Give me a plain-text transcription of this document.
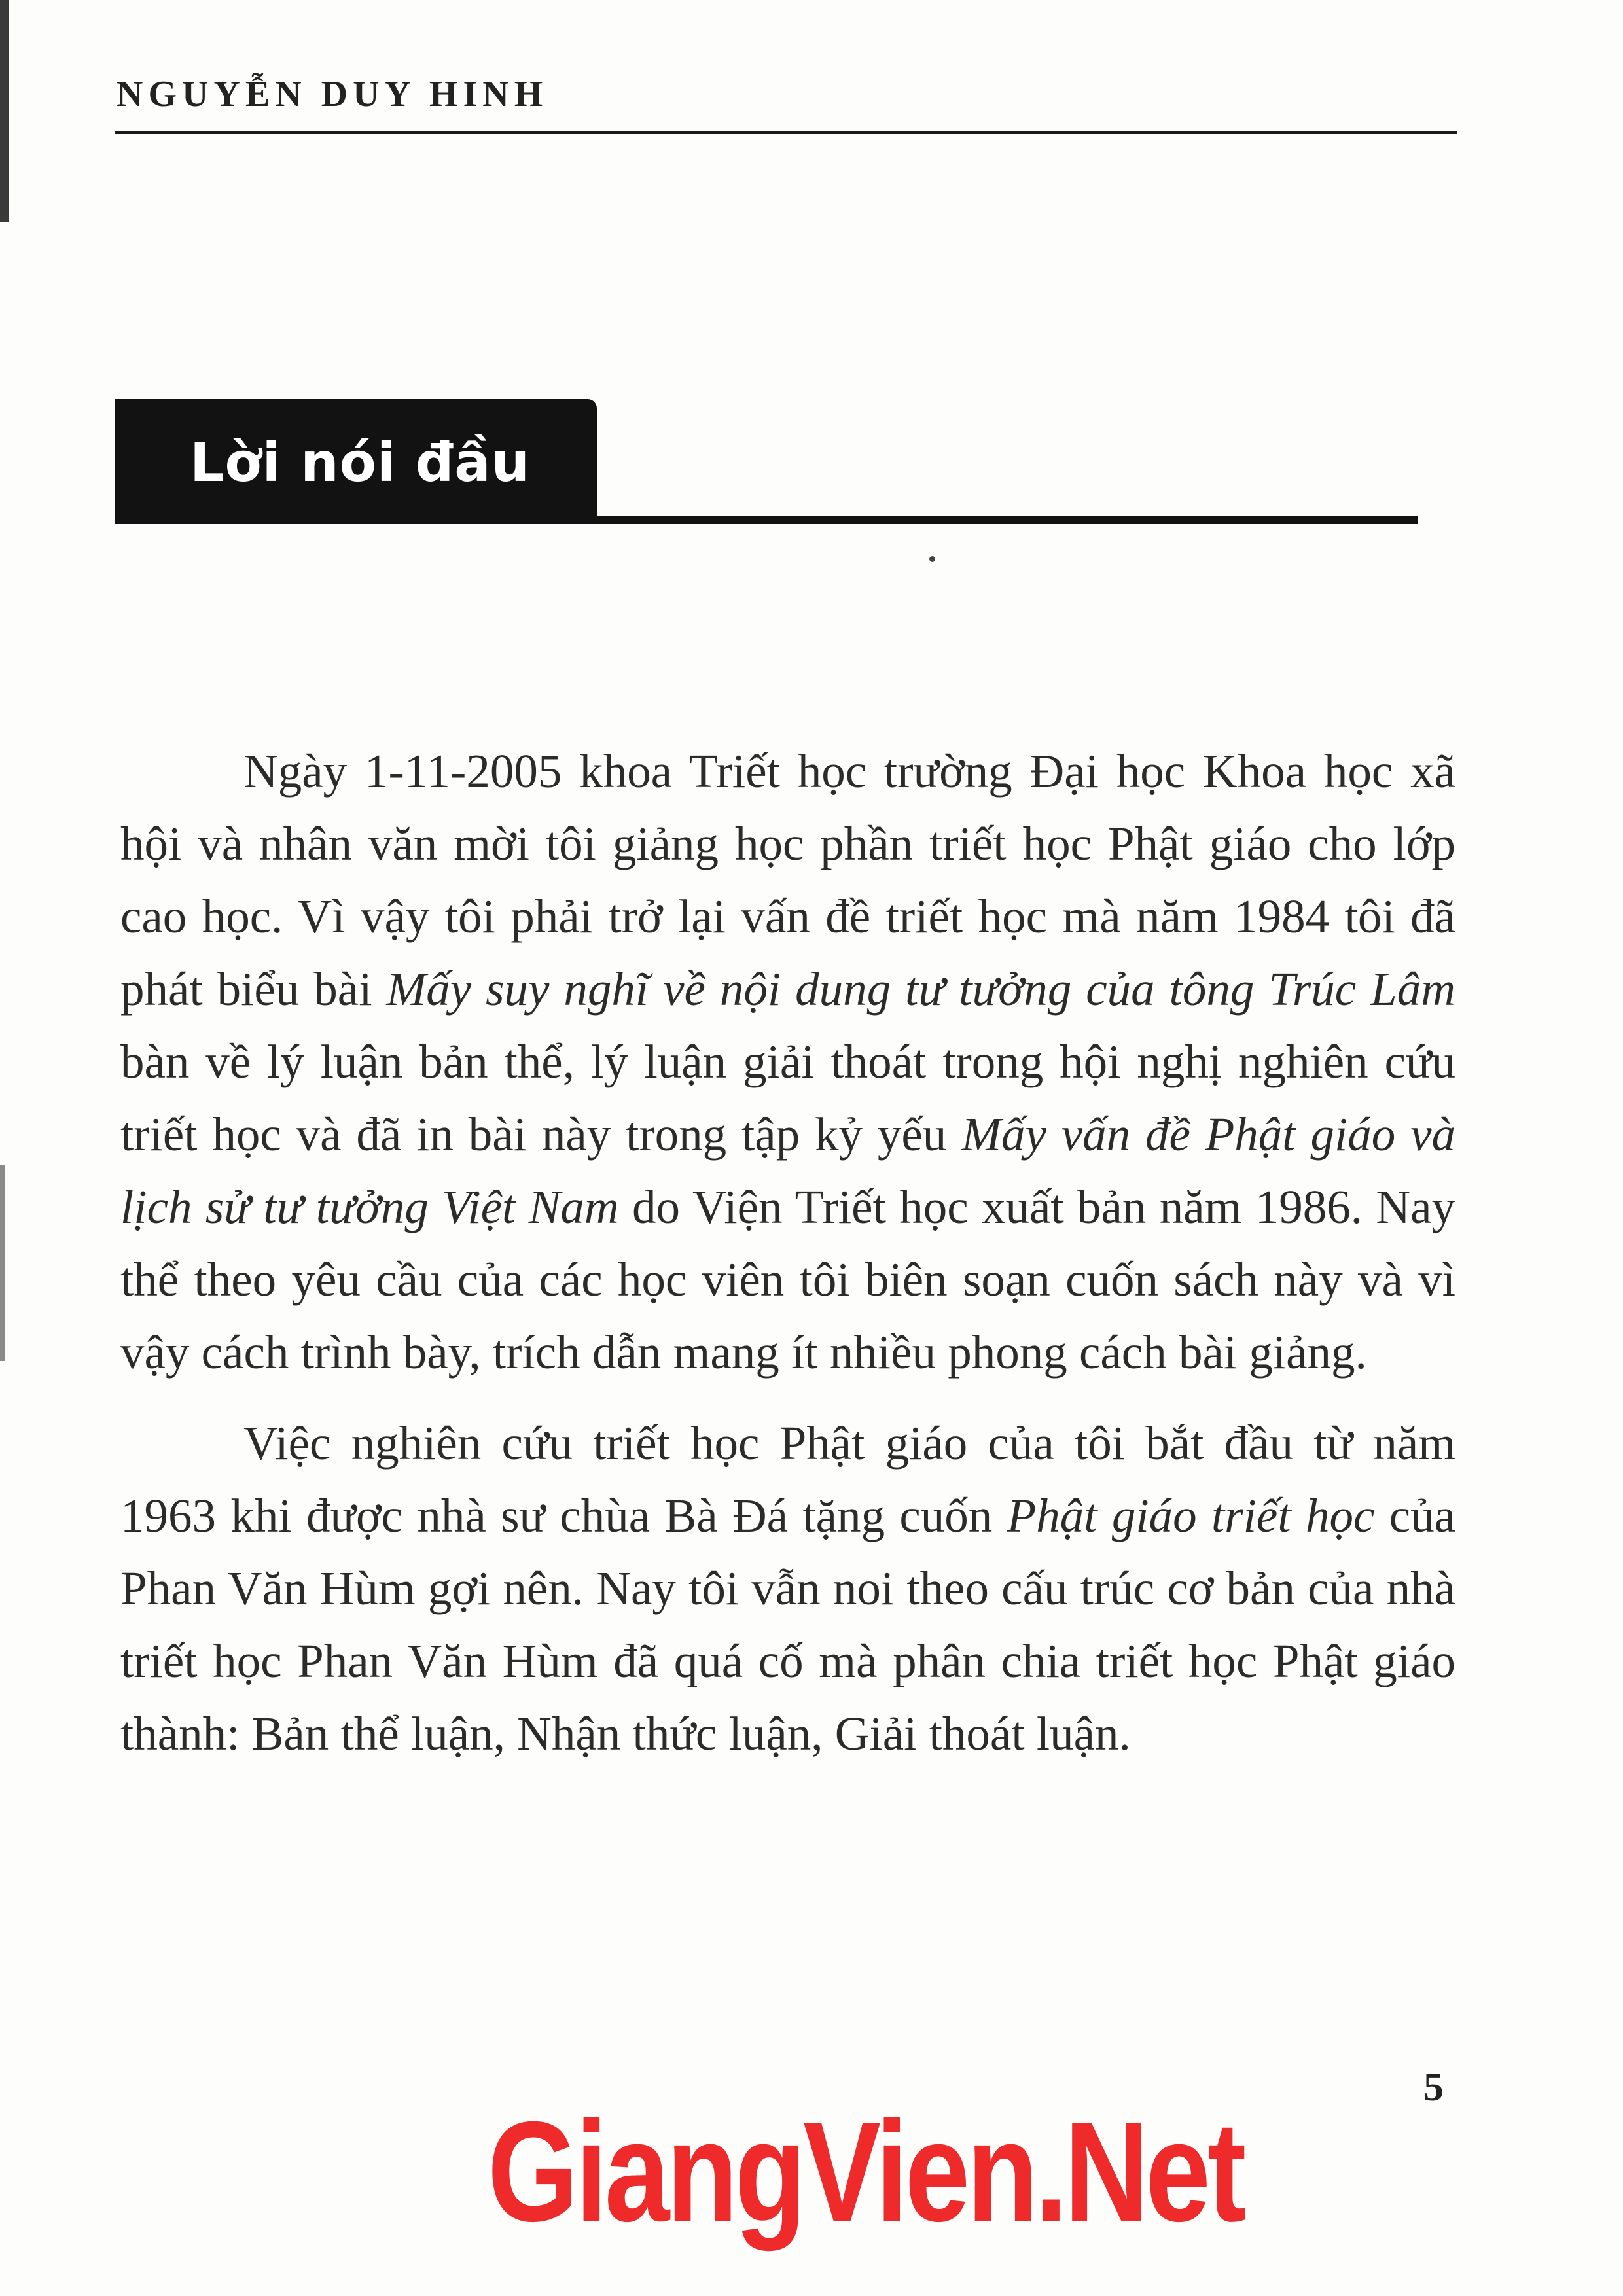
NGUYỄN DUY HINH
Lời nói đầu

Ngày 1-11-2005 khoa Triết học trường Đại học Khoa học xã hội và nhân văn mời tôi giảng học phần triết học Phật giáo cho lớp cao học. Vì vậy tôi phải trở lại vấn đề triết học mà năm 1984 tôi đã phát biểu bài Mấy suy nghĩ về nội dung tư tưởng của tông Trúc Lâm bàn về lý luận bản thể, lý luận giải thoát trong hội nghị nghiên cứu triết học và đã in bài này trong tập kỷ yếu Mấy vấn đề Phật giáo và lịch sử tư tưởng Việt Nam do Viện Triết học xuất bản năm 1986. Nay thể theo yêu cầu của các học viên tôi biên soạn cuốn sách này và vì vậy cách trình bày, trích dẫn mang ít nhiều phong cách bài giảng.

Việc nghiên cứu triết học Phật giáo của tôi bắt đầu từ năm 1963 khi được nhà sư chùa Bà Đá tặng cuốn Phật giáo triết học của Phan Văn Hùm gợi nên. Nay tôi vẫn noi theo cấu trúc cơ bản của nhà triết học Phan Văn Hùm đã quá cố mà phân chia triết học Phật giáo thành: Bản thể luận, Nhận thức luận, Giải thoát luận.

5
GiangVien.Net
